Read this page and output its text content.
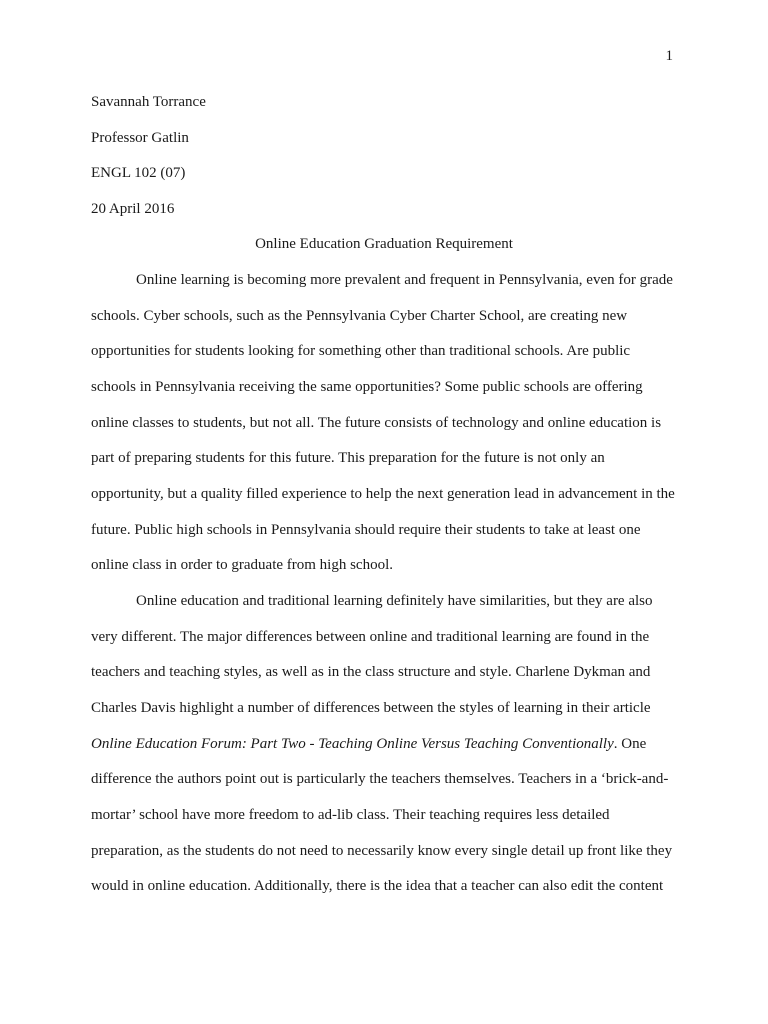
1
Savannah Torrance
Professor Gatlin
ENGL 102 (07)
20 April 2016
Online Education Graduation Requirement
Online learning is becoming more prevalent and frequent in Pennsylvania, even for grade
schools. Cyber schools, such as the Pennsylvania Cyber Charter School, are creating new
opportunities for students looking for something other than traditional schools. Are public
schools in Pennsylvania receiving the same opportunities? Some public schools are offering
online classes to students, but not all. The future consists of technology and online education is
part of preparing students for this future. This preparation for the future is not only an
opportunity, but a quality filled experience to help the next generation lead in advancement in the
future. Public high schools in Pennsylvania should require their students to take at least one
online class in order to graduate from high school.
Online education and traditional learning definitely have similarities, but they are also
very different. The major differences between online and traditional learning are found in the
teachers and teaching styles, as well as in the class structure and style. Charlene Dykman and
Charles Davis highlight a number of differences between the styles of learning in their article
Online Education Forum: Part Two - Teaching Online Versus Teaching Conventionally. One
difference the authors point out is particularly the teachers themselves. Teachers in a ‘brick-and-
mortar’ school have more freedom to ad-lib class. Their teaching requires less detailed
preparation, as the students do not need to necessarily know every single detail up front like they
would in online education. Additionally, there is the idea that a teacher can also edit the content
